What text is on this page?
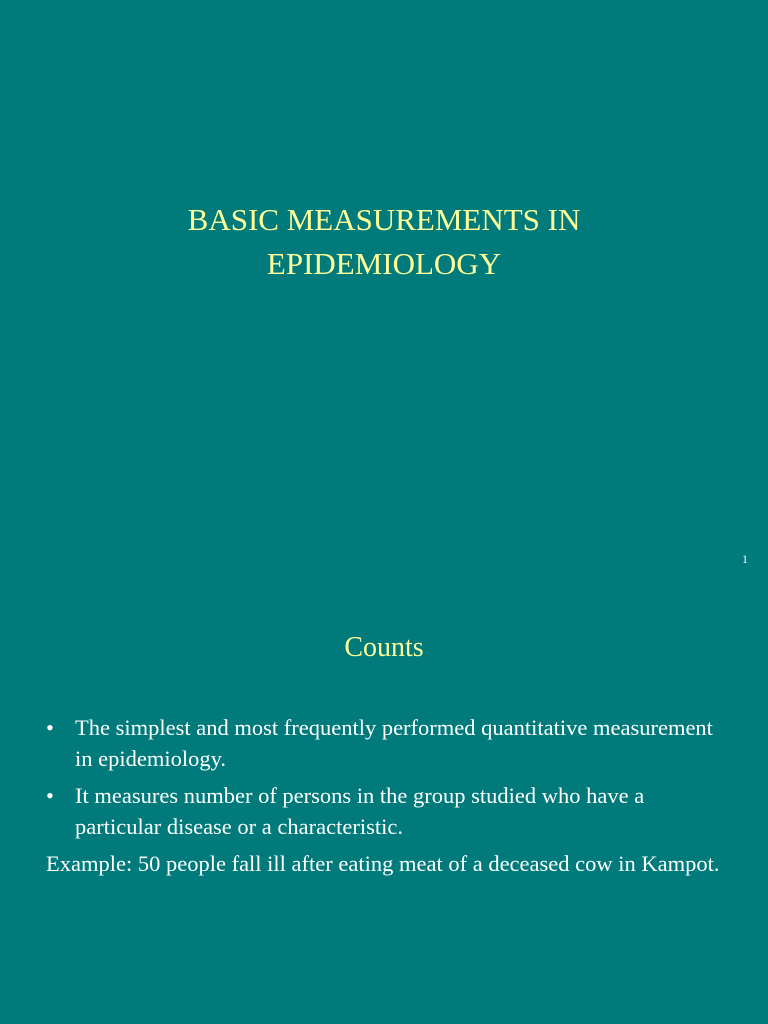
BASIC MEASUREMENTS IN
EPIDEMIOLOGY
1
Counts
• The simplest and most frequently performed quantitative measurement in epidemiology.
• It measures number of persons in the group studied who have a particular disease or a characteristic.
Example: 50 people fall ill after eating meat of a deceased cow in Kampot.
